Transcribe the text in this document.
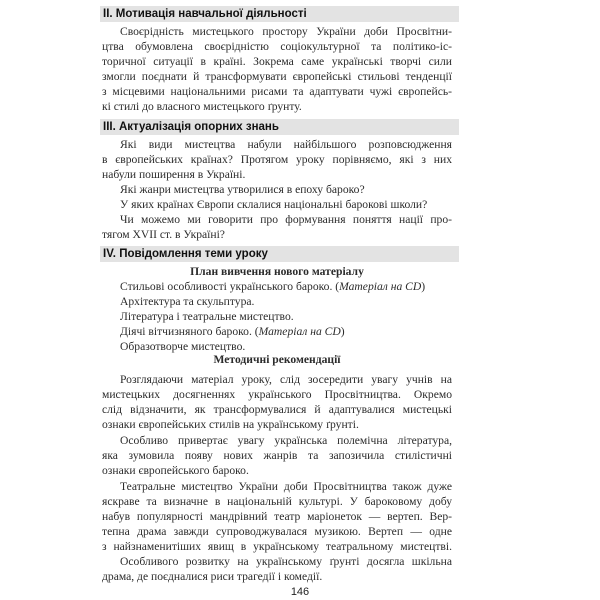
II. Мотивація навчальної діяльності
Своєрідність мистецького простору України доби Просвітни-
цтва обумовлена своєрідністю соціокультурної та політико-іс-
торичної ситуації в країні. Зокрема саме українські творчі сили
змогли поєднати й трансформувати європейські стильові тенденції
з місцевими національними рисами та адаптувати чужі європейсь-
кі стилі до власного мистецького ґрунту.
III. Актуалізація опорних знань
Які види мистецтва набули найбільшого розповсюдження
в європейських країнах? Протягом уроку порівняємо, які з них
набули поширення в Україні.
Які жанри мистецтва утворилися в епоху бароко?
У яких країнах Європи склалися національні барокові школи?
Чи можемо ми говорити про формування поняття нації про-
тягом XVII ст. в Україні?
IV. Повідомлення теми уроку
План вивчення нового матеріалу
Стильові особливості українського бароко. (Матеріал на CD)
Архітектура та скульптура.
Література і театральне мистецтво.
Діячі вітчизняного бароко. (Матеріал на CD)
Образотворче мистецтво.
Методичні рекомендації
Розглядаючи матеріал уроку, слід зосередити увагу учнів на
мистецьких досягненнях українського Просвітництва. Окремо
слід відзначити, як трансформувалися й адаптувалися мистецькі
ознаки європейських стилів на українському ґрунті.
Особливо привертає увагу українська полемічна література,
яка зумовила появу нових жанрів та запозичила стилістичні
ознаки європейського бароко.
Театральне мистецтво України доби Просвітництва також дуже
яскраве та визначне в національній культурі. У бароковому добу
набув популярності мандрівний театр маріонеток — вертеп. Вер-
тепна драма завжди супроводжувалася музикою. Вертеп — одне
з найзнаменитіших явищ в українському театральному мистецтві.
Особливого розвитку на українському ґрунті досягла шкільна
драма, де поєдналися риси трагедії і комедії.
146
